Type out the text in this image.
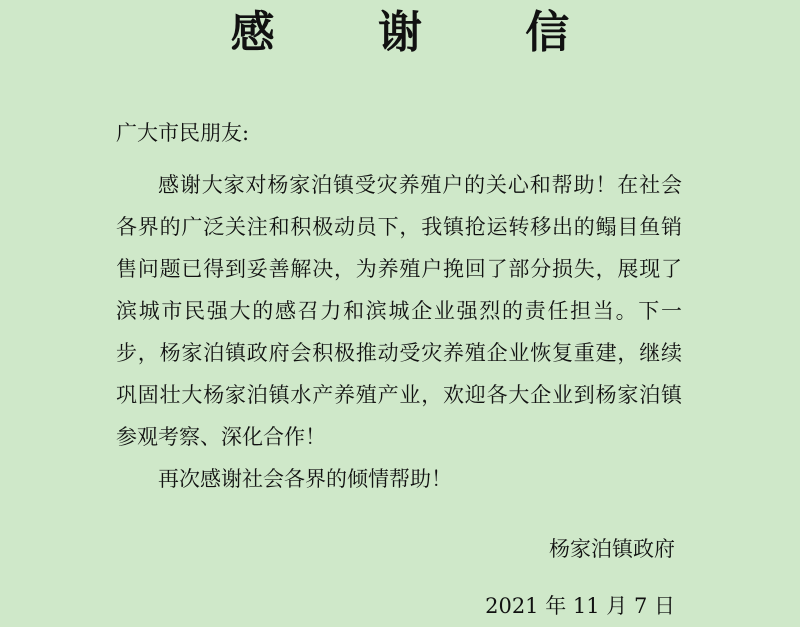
感 谢 信
广大市民朋友:

感谢大家对杨家泊镇受灾养殖户的关心和帮助！在社会各界的广泛关注和积极动员下，我镇抢运转移出的鳎目鱼销售问题已得到妥善解决，为养殖户挽回了部分损失，展现了滨城市民强大的感召力和滨城企业强烈的责任担当。下一步，杨家泊镇政府会积极推动受灾养殖企业恢复重建，继续巩固壮大杨家泊镇水产养殖产业，欢迎各大企业到杨家泊镇参观考察、深化合作！

再次感谢社会各界的倾情帮助！

杨家泊镇政府
2021 年 11 月 7 日
